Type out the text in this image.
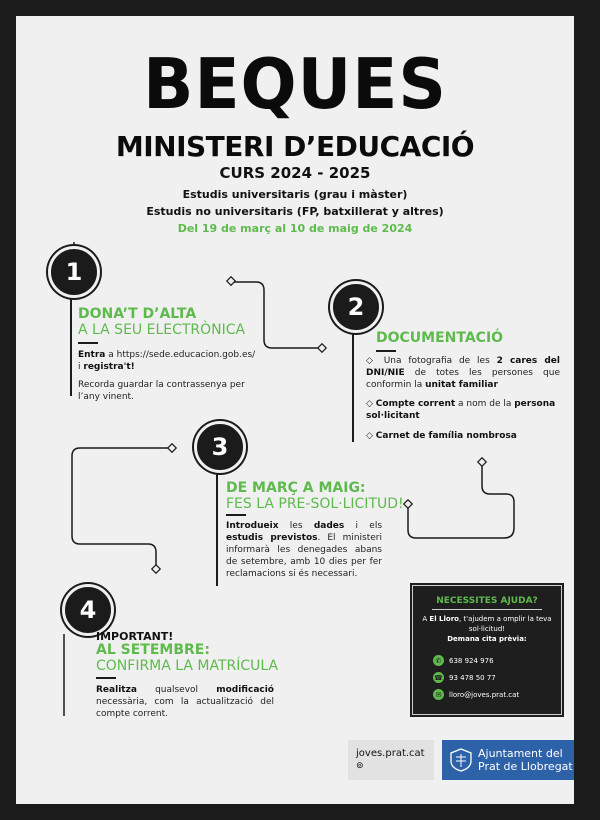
BEQUES
MINISTERI D’EDUCACIÓ
CURS 2024 - 2025
Estudis universitaris (grau i màster)
Estudis no universitaris (FP, batxillerat y altres)
Del 19 de març al 10 de maig de 2024
1
DONA’T D’ALTA
A LA SEU ELECTRÒNICA
Entra a https://sede.educacion.gob.es/ i registra't!
Recorda guardar la contrassenya per l’any vinent.
2
DOCUMENTACIÓ
◇ Una fotografia de les 2 cares del DNI/NIE de totes les persones que conformin la unitat familiar
◇ Compte corrent a nom de la persona sol·licitant
◇ Carnet de família nombrosa
3
DE MARÇ A MAIG:
FES LA PRE-SOL·LICITUD!
Introdueix les dades i els estudis previstos. El ministeri informarà les denegades abans de setembre, amb 10 dies per fer reclamacions si és necessari.
4
IMPORTANT!
AL SETEMBRE:
CONFIRMA LA MATRÍCULA
Realitza qualsevol modificació necessària, com la actualització del compte corrent.
NECESSITES AJUDA?
A El Lloro, t'ajudem a omplir la teva sol·licitud!
Demana cita prèvia:
✆	638 924 976
☎ 93 478 50 77
✉	lloro@joves.prat.cat
joves.prat.cat
⊚
Ajuntament del
Prat de Llobregat
